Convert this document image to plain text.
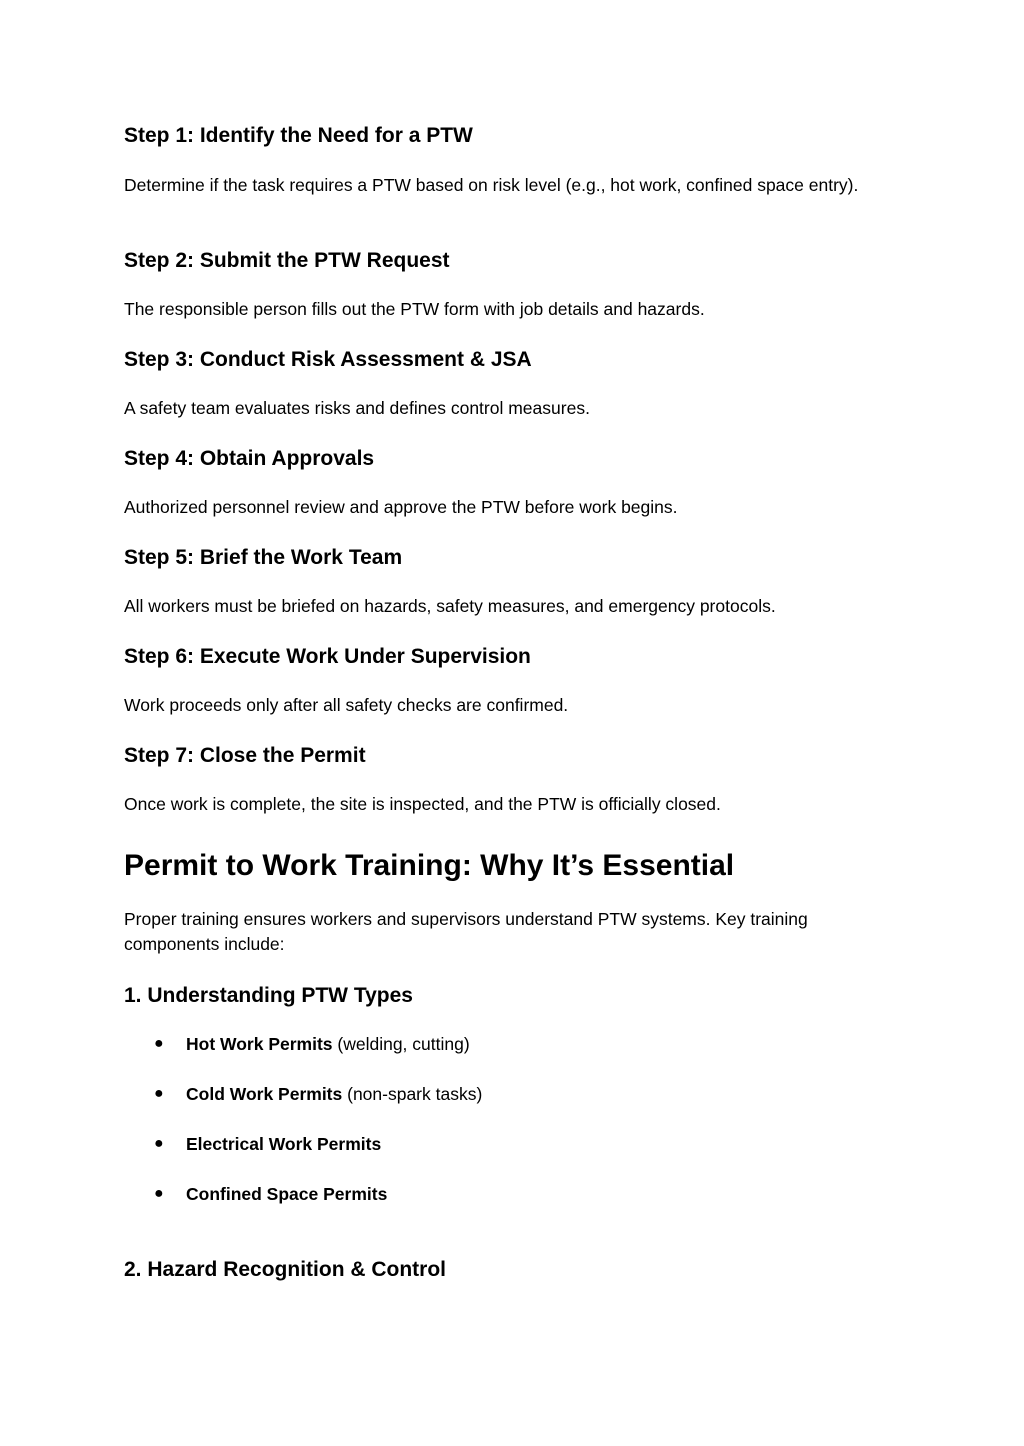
Step 1: Identify the Need for a PTW

Determine if the task requires a PTW based on risk level (e.g., hot work, confined space entry).

Step 2: Submit the PTW Request

The responsible person fills out the PTW form with job details and hazards.

Step 3: Conduct Risk Assessment & JSA

A safety team evaluates risks and defines control measures.

Step 4: Obtain Approvals

Authorized personnel review and approve the PTW before work begins.

Step 5: Brief the Work Team

All workers must be briefed on hazards, safety measures, and emergency protocols.

Step 6: Execute Work Under Supervision

Work proceeds only after all safety checks are confirmed.

Step 7: Close the Permit

Once work is complete, the site is inspected, and the PTW is officially closed.

Permit to Work Training: Why It’s Essential

Proper training ensures workers and supervisors understand PTW systems. Key training components include:

1. Understanding PTW Types
● Hot Work Permits (welding, cutting)
● Cold Work Permits (non-spark tasks)
● Electrical Work Permits
● Confined Space Permits
2. Hazard Recognition & Control
